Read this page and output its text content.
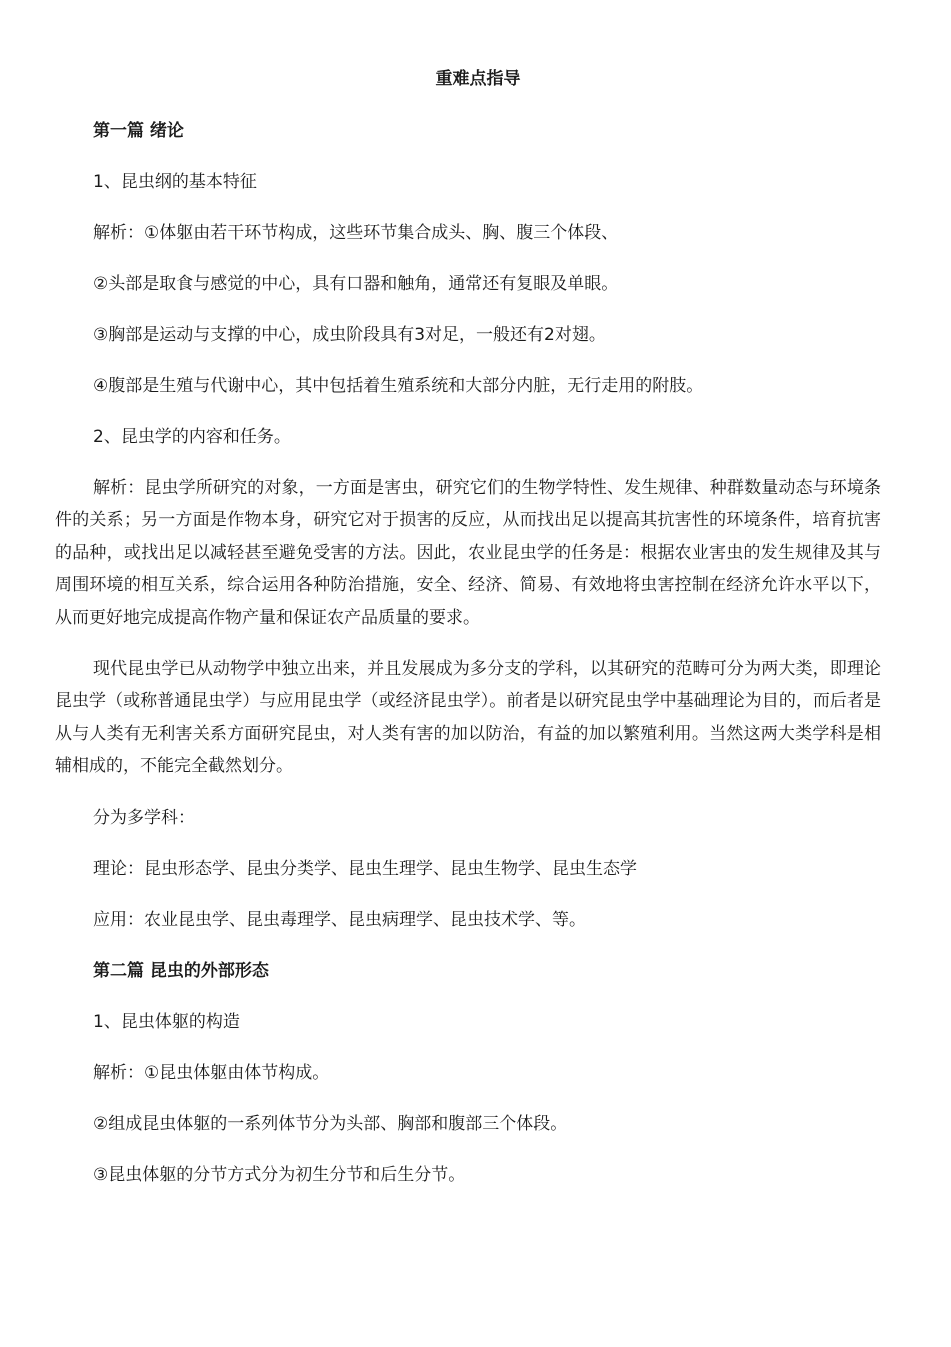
重难点指导
第一篇 绪论
1、昆虫纲的基本特征
解析：①体躯由若干环节构成，这些环节集合成头、胸、腹三个体段、
②头部是取食与感觉的中心，具有口器和触角，通常还有复眼及单眼。
③胸部是运动与支撑的中心，成虫阶段具有3对足，一般还有2对翅。
④腹部是生殖与代谢中心，其中包括着生殖系统和大部分内脏，无行走用的附肢。
2、昆虫学的内容和任务。
解析：昆虫学所研究的对象，一方面是害虫，研究它们的生物学特性、发生规律、种群数量动态与环境条件的关系；另一方面是作物本身，研究它对于损害的反应，从而找出足以提高其抗害性的环境条件，培育抗害的品种，或找出足以减轻甚至避免受害的方法。因此，农业昆虫学的任务是：根据农业害虫的发生规律及其与周围环境的相互关系，综合运用各种防治措施，安全、经济、简易、有效地将虫害控制在经济允许水平以下，从而更好地完成提高作物产量和保证农产品质量的要求。
现代昆虫学已从动物学中独立出来，并且发展成为多分支的学科，以其研究的范畴可分为两大类，即理论昆虫学（或称普通昆虫学）与应用昆虫学（或经济昆虫学）。前者是以研究昆虫学中基础理论为目的，而后者是从与人类有无利害关系方面研究昆虫，对人类有害的加以防治，有益的加以繁殖利用。当然这两大类学科是相辅相成的，不能完全截然划分。
分为多学科：
理论：昆虫形态学、昆虫分类学、昆虫生理学、昆虫生物学、昆虫生态学
应用：农业昆虫学、昆虫毒理学、昆虫病理学、昆虫技术学、等。
第二篇 昆虫的外部形态
1、昆虫体躯的构造
解析：①昆虫体躯由体节构成。
②组成昆虫体躯的一系列体节分为头部、胸部和腹部三个体段。
③昆虫体躯的分节方式分为初生分节和后生分节。
